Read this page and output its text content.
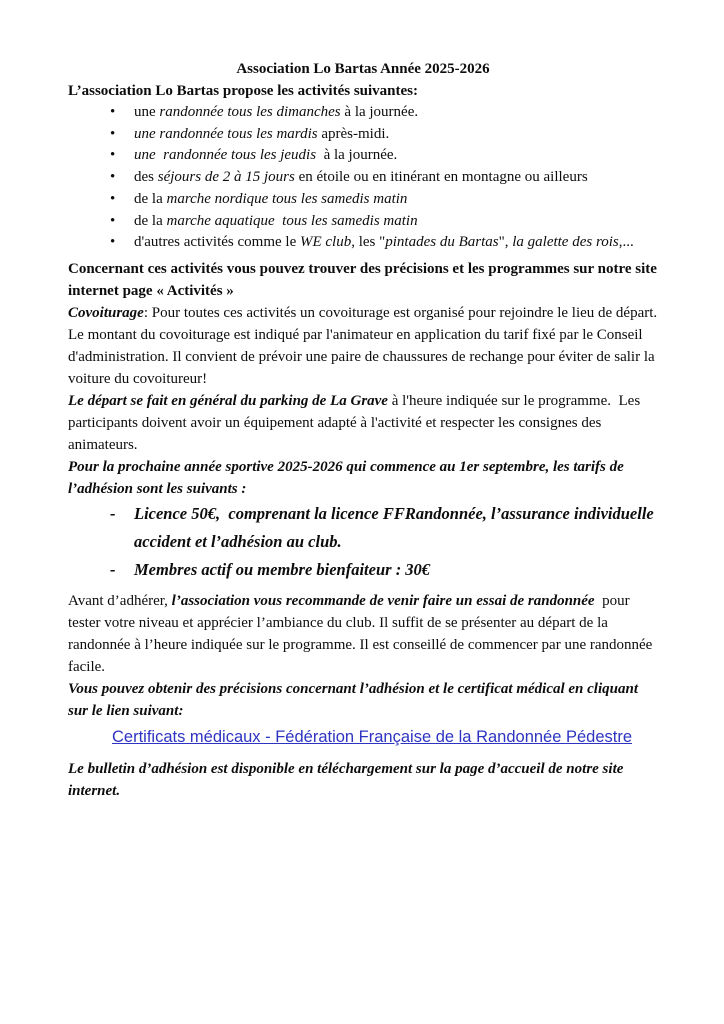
Association Lo Bartas Année 2025-2026

L’association Lo Bartas propose les activités suivantes:

•	une randonnée tous les dimanches à la journée.
•	une randonnée tous les mardis après-midi.
•	une  randonnée tous les jeudis  à la journée.
•	des séjours de 2 à 15 jours en étoile ou en itinérant en montagne ou ailleurs
•	de la marche nordique tous les samedis matin
•	de la marche aquatique  tous les samedis matin
•	d'autres activités comme le WE club, les "pintades du Bartas", la galette des rois,...

Concernant ces activités vous pouvez trouver des précisions et les programmes sur notre site internet page « Activités »

Covoiturage: Pour toutes ces activités un covoiturage est organisé pour rejoindre le lieu de départ. Le montant du covoiturage est indiqué par l'animateur en application du tarif fixé par le Conseil d'administration. Il convient de prévoir une paire de chaussures de rechange pour éviter de salir la voiture du covoitureur!

Le départ se fait en général du parking de La Grave à l'heure indiquée sur le programme.  Les participants doivent avoir un équipement adapté à l'activité et respecter les consignes des animateurs.

Pour la prochaine année sportive 2025-2026 qui commence au 1er septembre, les tarifs de l’adhésion sont les suivants :

-	Licence 50€,  comprenant la licence FFRandonnée, l’assurance individuelle accident et l’adhésion au club.
-	Membres actif ou membre bienfaiteur : 30€

Avant d’adhérer, l’association vous recommande de venir faire un essai de randonnée  pour tester votre niveau et apprécier l’ambiance du club. Il suffit de se présenter au départ de la randonnée à l’heure indiquée sur le programme. Il est conseillé de commencer par une randonnée facile.

Vous pouvez obtenir des précisions concernant l’adhésion et le certificat médical en cliquant sur le lien suivant:

Certificats médicaux - Fédération Française de la Randonnée Pédestre

Le bulletin d’adhésion est disponible en téléchargement sur la page d’accueil de notre site internet.
